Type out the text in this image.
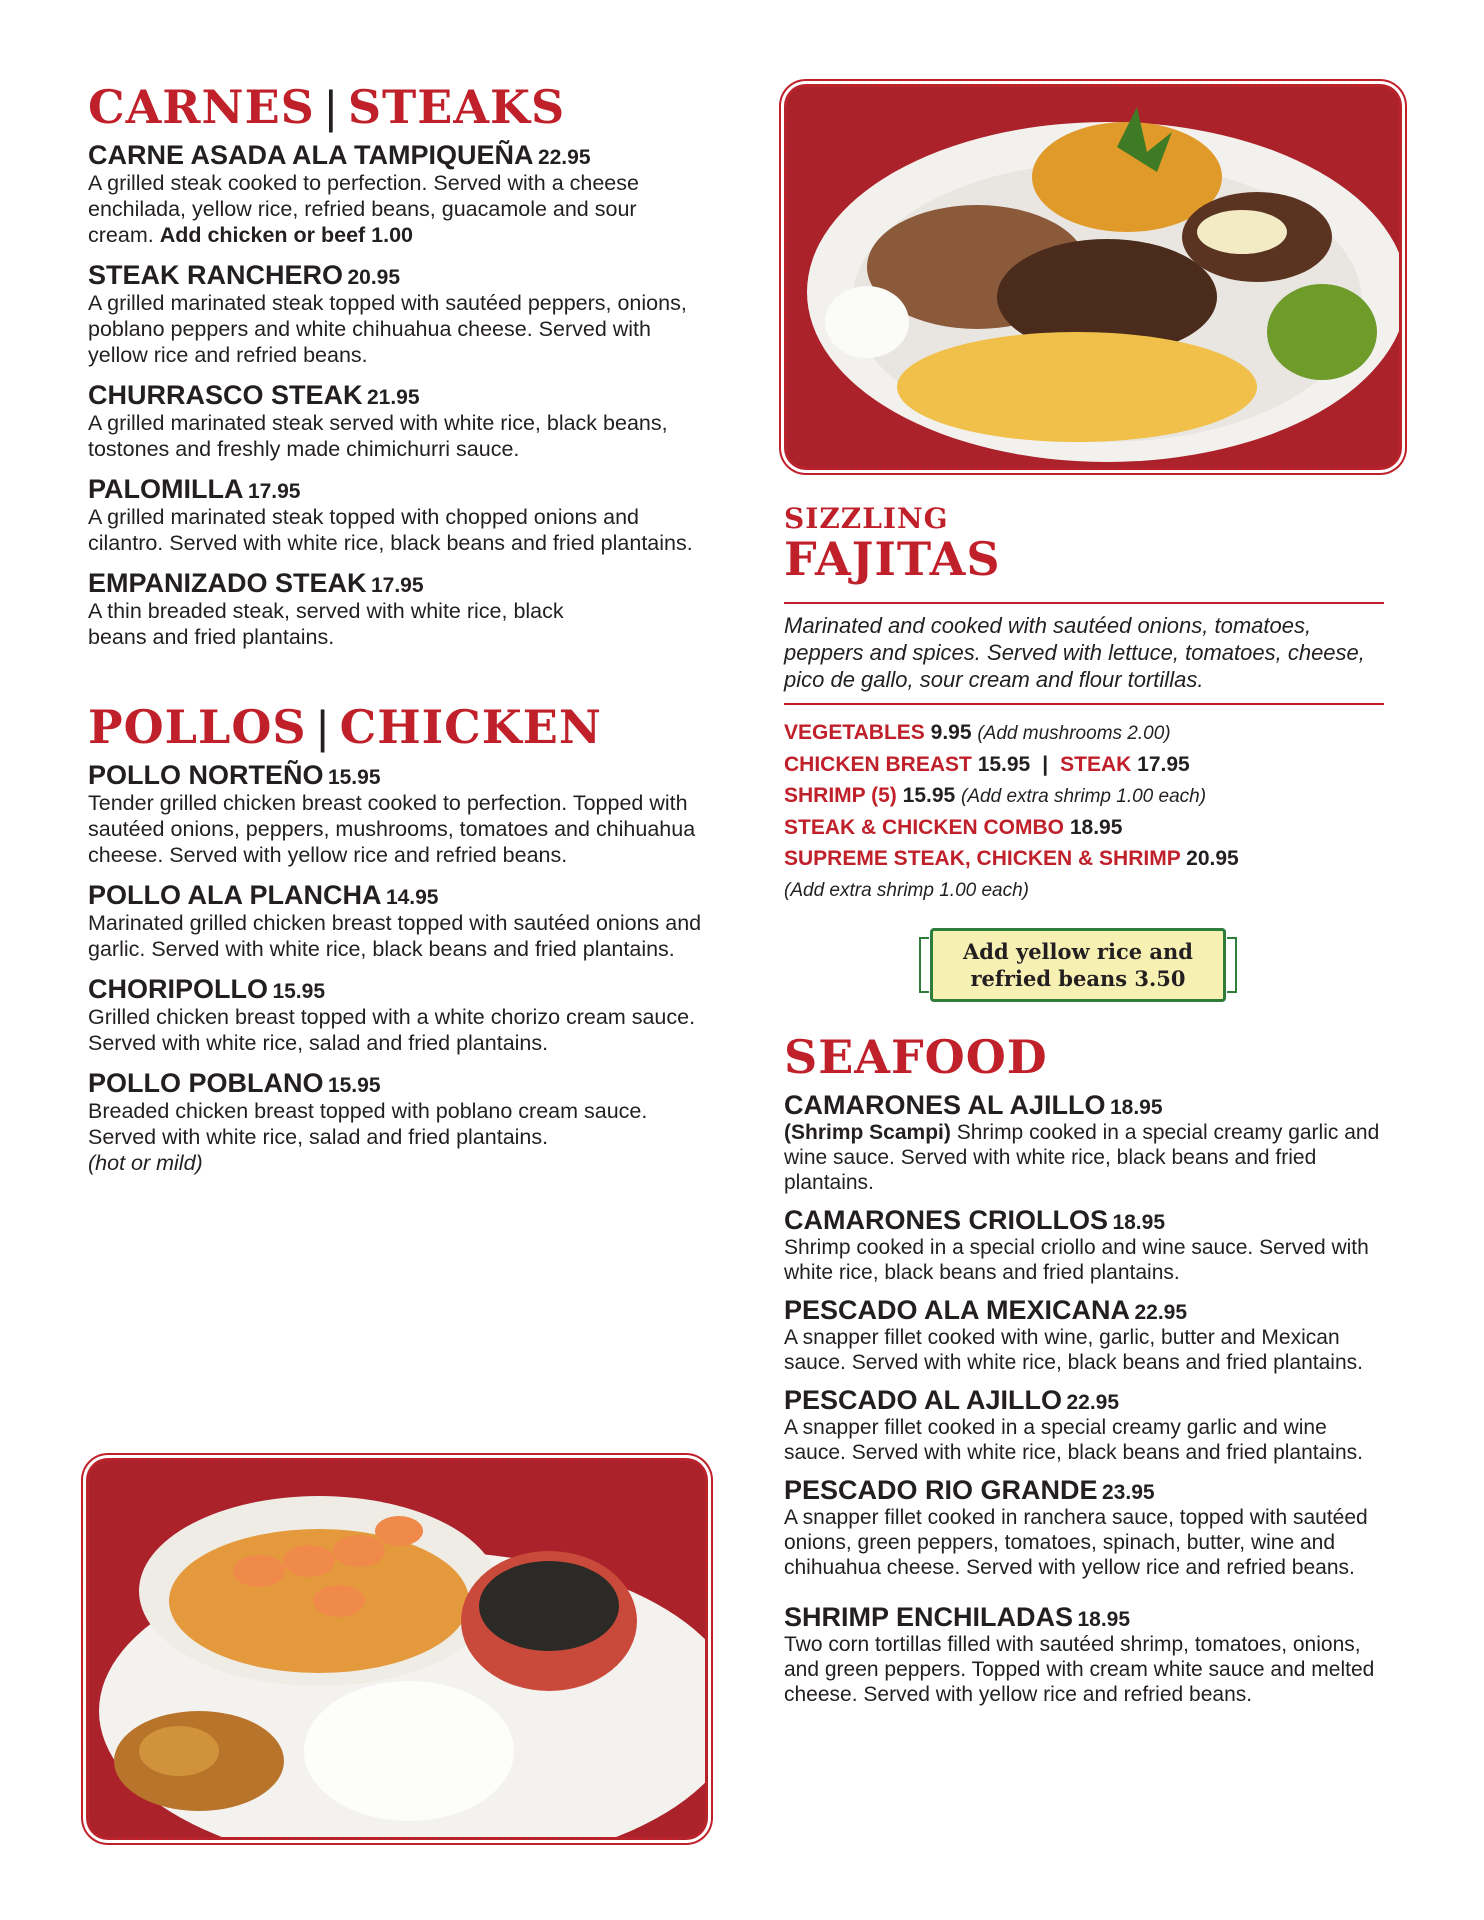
CARNES | STEAKS
CARNE ASADA ALA TAMPIQUEÑA 22.95
A grilled steak cooked to perfection. Served with a cheese enchilada, yellow rice, refried beans, guacamole and sour cream. Add chicken or beef 1.00
STEAK RANCHERO 20.95
A grilled marinated steak topped with sautéed peppers, onions, poblano peppers and white chihuahua cheese. Served with yellow rice and refried beans.
CHURRASCO STEAK 21.95
A grilled marinated steak served with white rice, black beans, tostones and freshly made chimichurri sauce.
PALOMILLA 17.95
A grilled marinated steak topped with chopped onions and cilantro. Served with white rice, black beans and fried plantains.
EMPANIZADO STEAK 17.95
A thin breaded steak, served with white rice, black beans and fried plantains.
POLLOS | CHICKEN
POLLO NORTEÑO 15.95
Tender grilled chicken breast cooked to perfection. Topped with sautéed onions, peppers, mushrooms, tomatoes and chihuahua cheese. Served with yellow rice and refried beans.
POLLO ALA PLANCHA 14.95
Marinated grilled chicken breast topped with sautéed onions and garlic. Served with white rice, black beans and fried plantains.
CHORIPOLLO 15.95
Grilled chicken breast topped with a white chorizo cream sauce. Served with white rice, salad and fried plantains.
POLLO POBLANO 15.95
Breaded chicken breast topped with poblano cream sauce. Served with white rice, salad and fried plantains.
(hot or mild)
SIZZLING
FAJITAS
Marinated and cooked with sautéed onions, tomatoes, peppers and spices. Served with lettuce, tomatoes, cheese, pico de gallo, sour cream and flour tortillas.
VEGETABLES 9.95 (Add mushrooms 2.00)
CHICKEN BREAST 15.95 | STEAK 17.95
SHRIMP (5) 15.95 (Add extra shrimp 1.00 each)
STEAK & CHICKEN COMBO 18.95
SUPREME STEAK, CHICKEN & SHRIMP 20.95
(Add extra shrimp 1.00 each)
Add yellow rice and
refried beans 3.50
SEAFOOD
CAMARONES AL AJILLO 18.95
(Shrimp Scampi) Shrimp cooked in a special creamy garlic and wine sauce. Served with white rice, black beans and fried plantains.
CAMARONES CRIOLLOS 18.95
Shrimp cooked in a special criollo and wine sauce. Served with white rice, black beans and fried plantains.
PESCADO ALA MEXICANA 22.95
A snapper fillet cooked with wine, garlic, butter and Mexican sauce. Served with white rice, black beans and fried plantains.
PESCADO AL AJILLO 22.95
A snapper fillet cooked in a special creamy garlic and wine sauce. Served with white rice, black beans and fried plantains.
PESCADO RIO GRANDE 23.95
A snapper fillet cooked in ranchera sauce, topped with sautéed onions, green peppers, tomatoes, spinach, butter, wine and chihuahua cheese. Served with yellow rice and refried beans.
SHRIMP ENCHILADAS 18.95
Two corn tortillas filled with sautéed shrimp, tomatoes, onions, and green peppers. Topped with cream white sauce and melted cheese. Served with yellow rice and refried beans.
